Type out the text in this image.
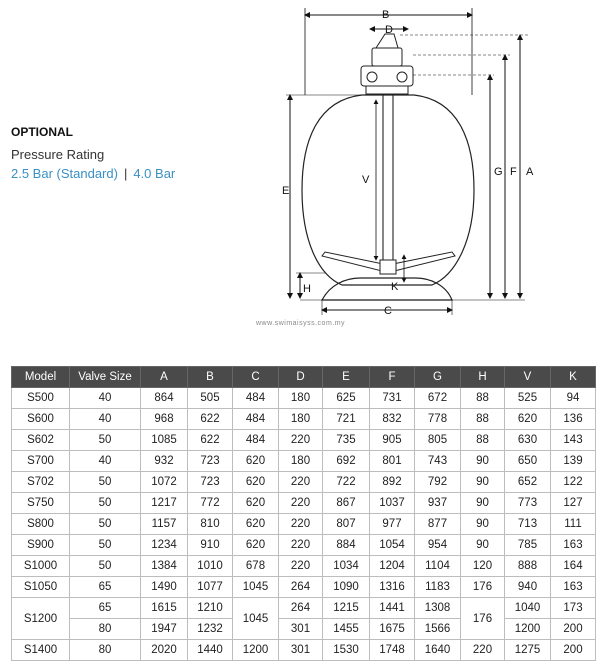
B
D
A
F
G
E
H
V
K
C
OPTIONAL
Pressure Rating
2.5 Bar (Standard) | 4.0 Bar
www.swimaisyss.com.my
Model	Valve Size	A	B	C	D	E	F	G	H	V	K
S500	40	864	505	484	180	625	731	672	88	525	94
S600	40	968	622	484	180	721	832	778	88	620	136
S602	50	1085	622	484	220	735	905	805	88	630	143
S700	40	932	723	620	180	692	801	743	90	650	139
S702	50	1072	723	620	220	722	892	792	90	652	122
S750	50	1217	772	620	220	867	1037	937	90	773	127
S800	50	1157	810	620	220	807	977	877	90	713	111
S900	50	1234	910	620	220	884	1054	954	90	785	163
S1000	50	1384	1010	678	220	1034	1204	1104	120	888	164
S1050	65	1490	1077	1045	264	1090	1316	1183	176	940	163
S1200	65	1615	1210	1045	264	1215	1441	1308	176	1040	173
	80	1947	1232		301	1455	1675	1566		1200	200
S1400	80	2020	1440	1200	301	1530	1748	1640	220	1275	200
